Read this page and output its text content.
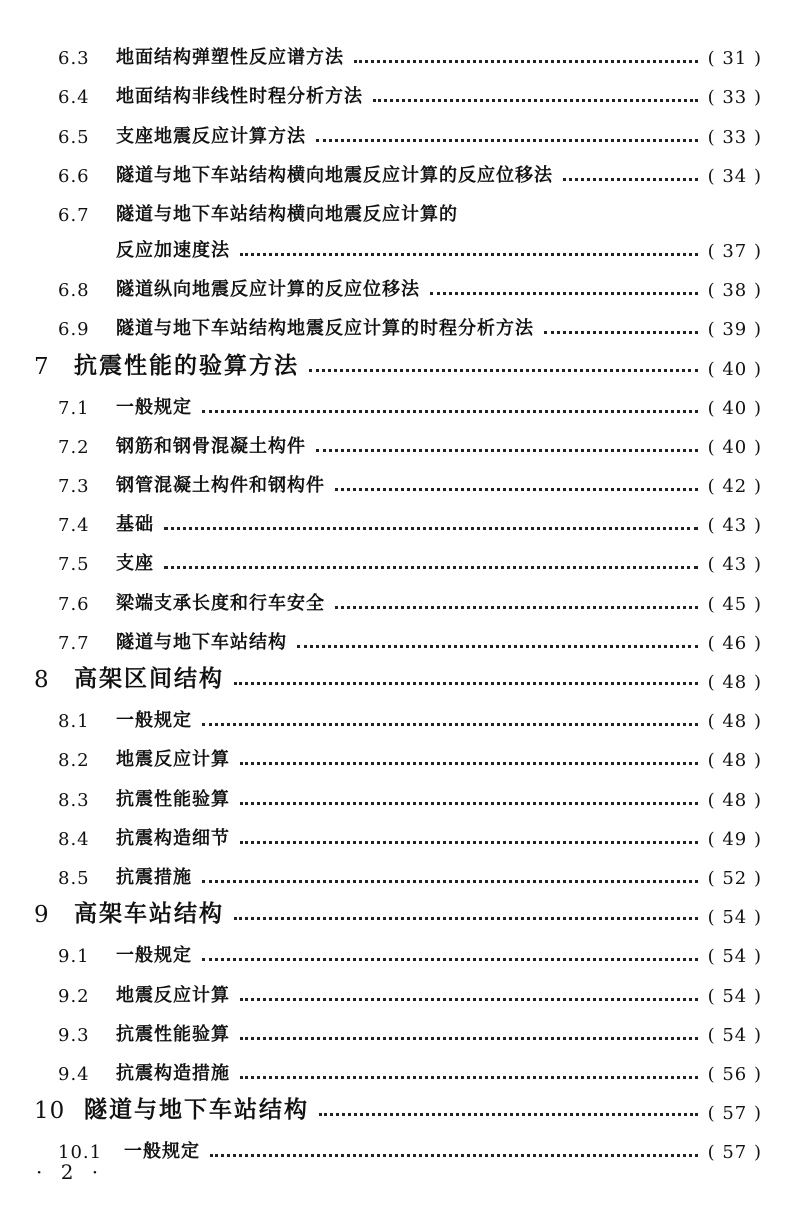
6.3	地面结构弹塑性反应谱方法	( 31 )
6.4	地面结构非线性时程分析方法	( 33 )
6.5	支座地震反应计算方法	( 33 )
6.6	隧道与地下车站结构横向地震反应计算的反应位移法	( 34 )
6.7	隧道与地下车站结构横向地震反应计算的
反应加速度法	( 37 )
6.8	隧道纵向地震反应计算的反应位移法	( 38 )
6.9	隧道与地下车站结构地震反应计算的时程分析方法	( 39 )
7	抗震性能的验算方法	( 40 )
7.1	一般规定	( 40 )
7.2	钢筋和钢骨混凝土构件	( 40 )
7.3	钢管混凝土构件和钢构件	( 42 )
7.4	基础	( 43 )
7.5	支座	( 43 )
7.6	梁端支承长度和行车安全	( 45 )
7.7	隧道与地下车站结构	( 46 )
8	高架区间结构	( 48 )
8.1	一般规定	( 48 )
8.2	地震反应计算	( 48 )
8.3	抗震性能验算	( 48 )
8.4	抗震构造细节	( 49 )
8.5	抗震措施	( 52 )
9	高架车站结构	( 54 )
9.1	一般规定	( 54 )
9.2	地震反应计算	( 54 )
9.3	抗震性能验算	( 54 )
9.4	抗震构造措施	( 56 )
10 隧道与地下车站结构	( 57 )
10.1	一般规定	( 57 )
· 2 ·
